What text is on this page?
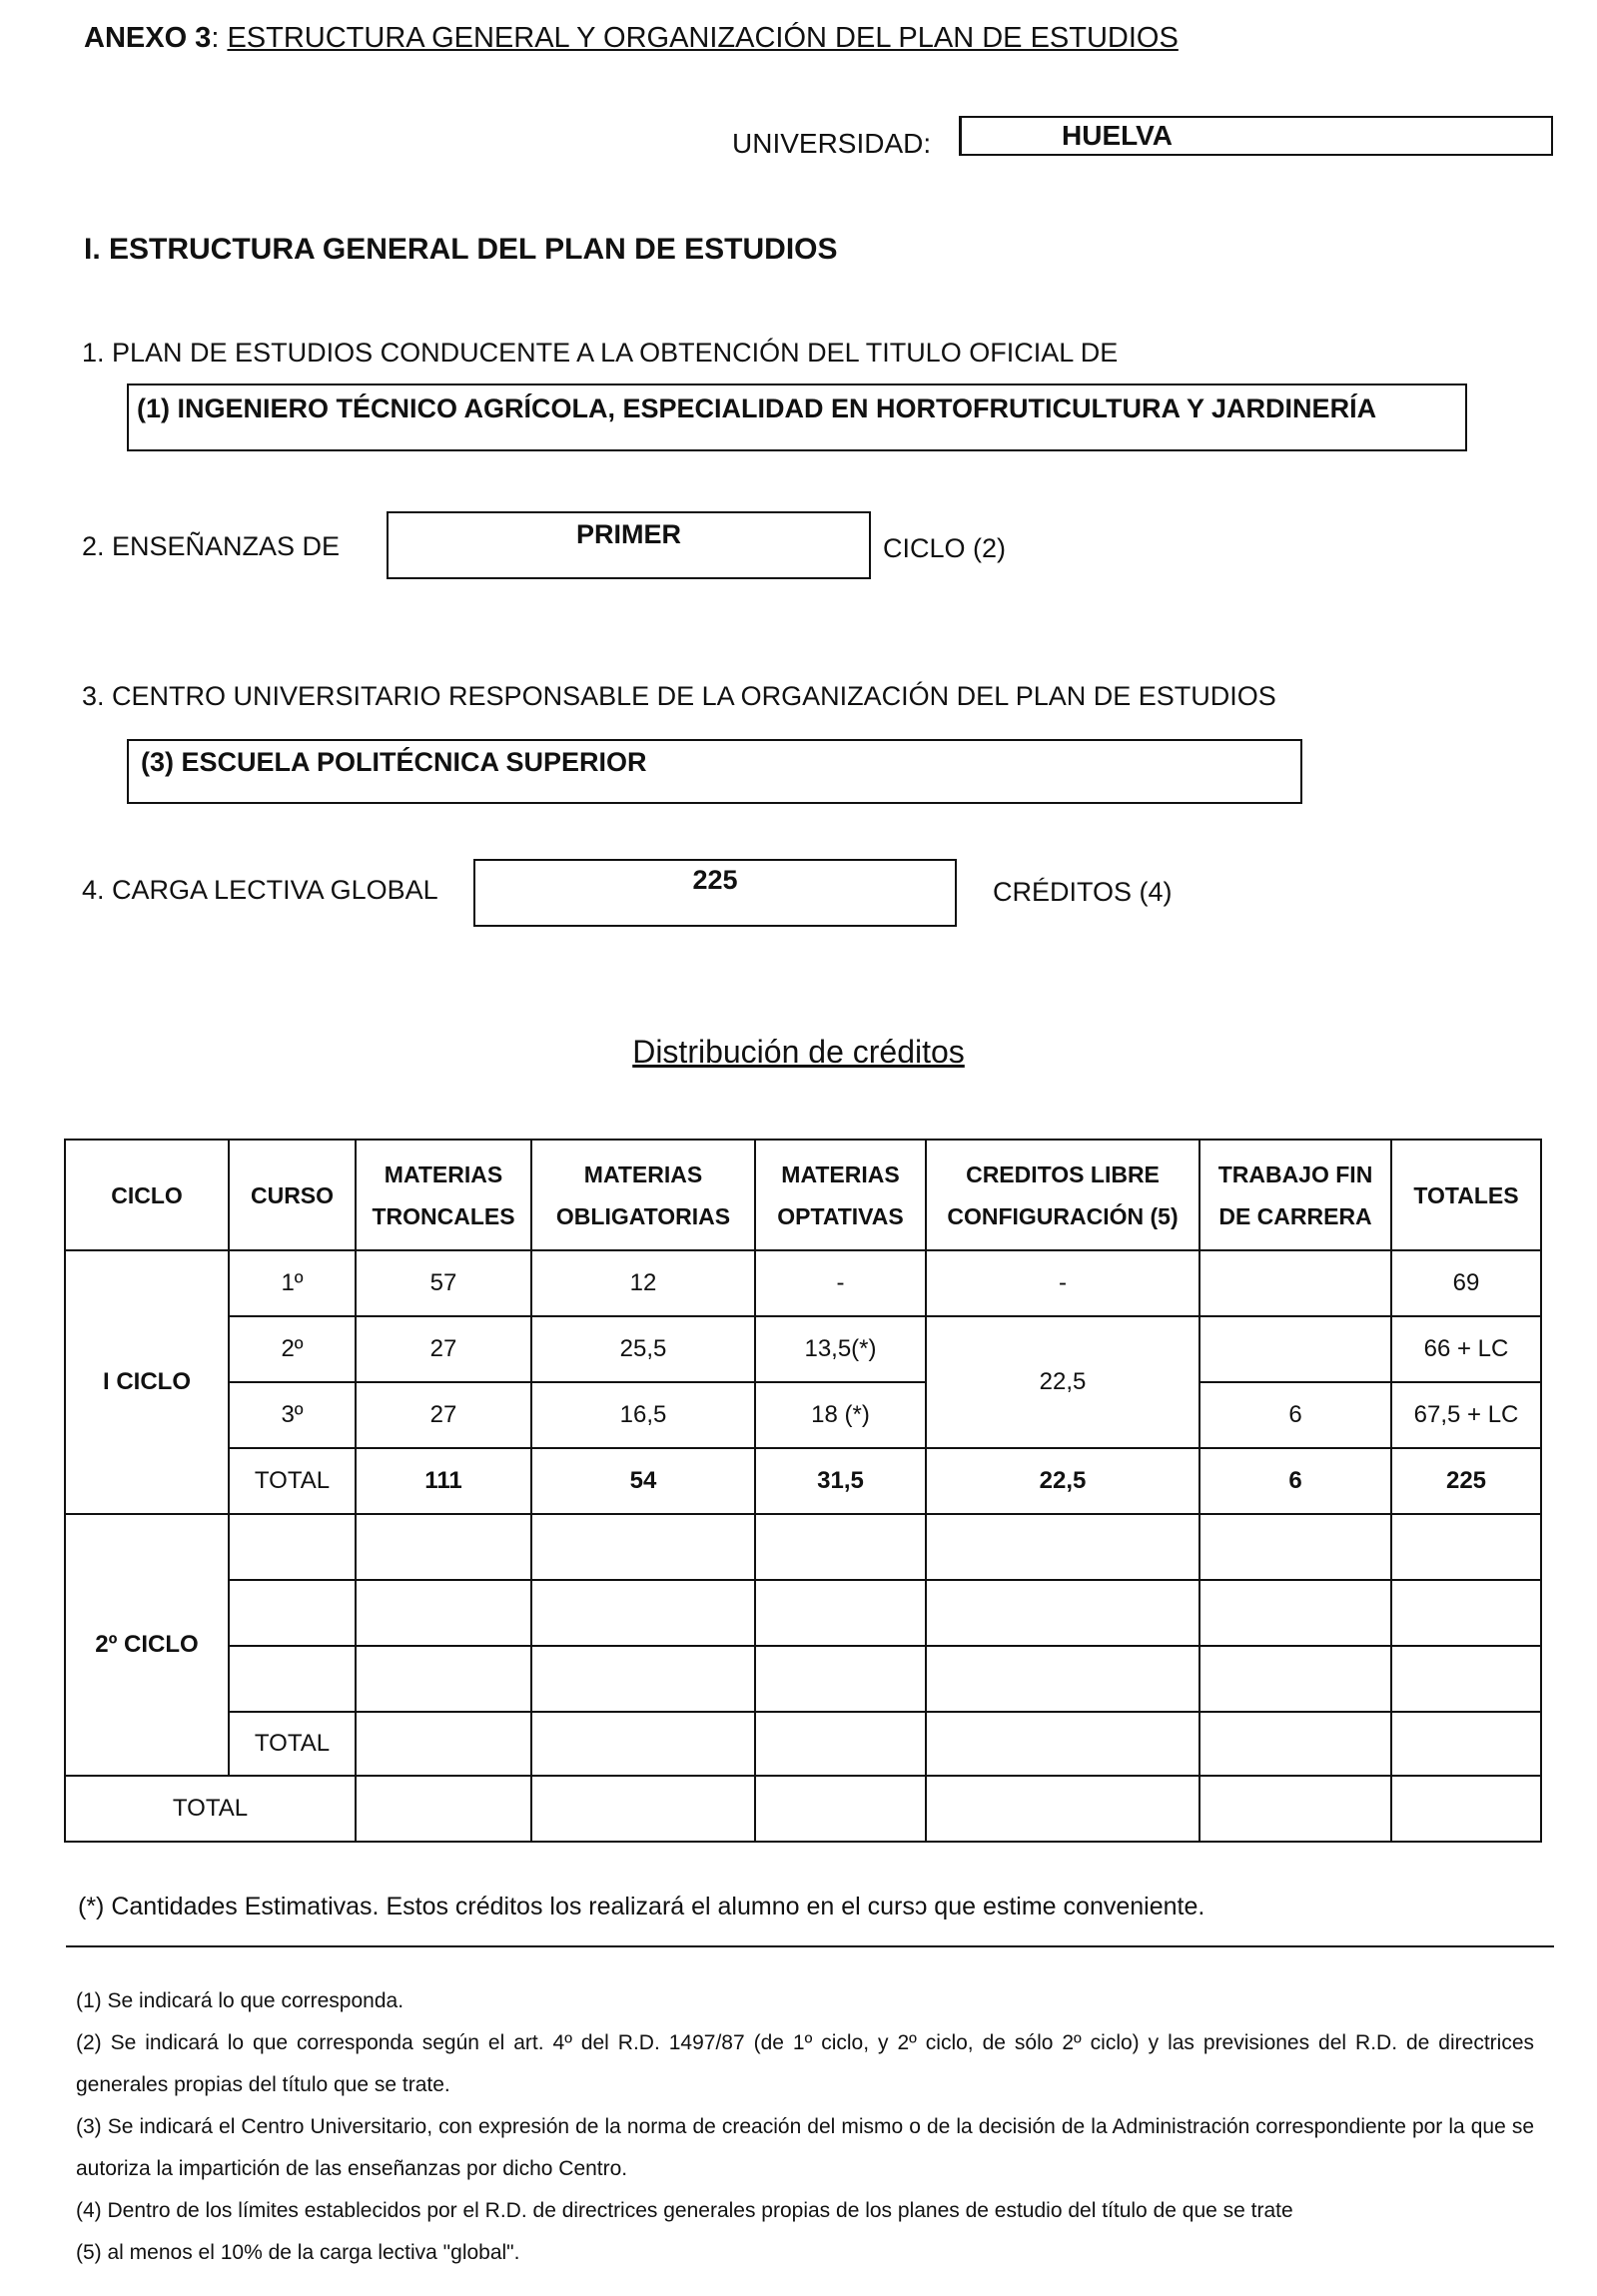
ANEXO 3: ESTRUCTURA GENERAL Y ORGANIZACIÓN DEL PLAN DE ESTUDIOS
UNIVERSIDAD:	HUELVA
I. ESTRUCTURA GENERAL DEL PLAN DE ESTUDIOS
1. PLAN DE ESTUDIOS CONDUCENTE A LA OBTENCIÓN DEL TITULO OFICIAL DE
(1) INGENIERO TÉCNICO AGRÍCOLA, ESPECIALIDAD EN HORTOFRUTICULTURA Y JARDINERÍA
2. ENSEÑANZAS DE	PRIMER	CICLO (2)
3. CENTRO UNIVERSITARIO RESPONSABLE DE LA ORGANIZACIÓN DEL PLAN DE ESTUDIOS
(3) ESCUELA POLITÉCNICA SUPERIOR
4. CARGA LECTIVA GLOBAL	225	CRÉDITOS (4)
Distribución de créditos
CICLO	CURSO	MATERIAS TRONCALES	MATERIAS OBLIGATORIAS	MATERIAS OPTATIVAS	CREDITOS LIBRE CONFIGURACIÓN (5)	TRABAJO FIN DE CARRERA	TOTALES
I CICLO	1º	57	12	-	-		69
	2º	27	25,5	13,5(*)	22,5		66 + LC
	3º	27	16,5	18 (*)		6	67,5 + LC
	TOTAL	111	54	31,5	22,5	6	225
2º CICLO							

	TOTAL						
TOTAL							
(*) Cantidades Estimativas. Estos créditos los realizará el alumno en el cursɔ que estime conveniente.

(1) Se indicará lo que corresponda.

(2) Se indicará lo que corresponda según el art. 4º del R.D. 1497/87 (de 1º ciclo, y 2º ciclo, de sólo 2º ciclo) y las previsiones del R.D. de directrices generales propias del título que se trate.

(3) Se indicará el Centro Universitario, con expresión de la norma de creación del mismo o de la decisión de la Administración correspondiente por la que se autoriza la impartición de las enseñanzas por dicho Centro.

(4) Dentro de los límites establecidos por el R.D. de directrices generales propias de los planes de estudio del título de que se trate

(5) al menos el 10% de la carga lectiva "global".
